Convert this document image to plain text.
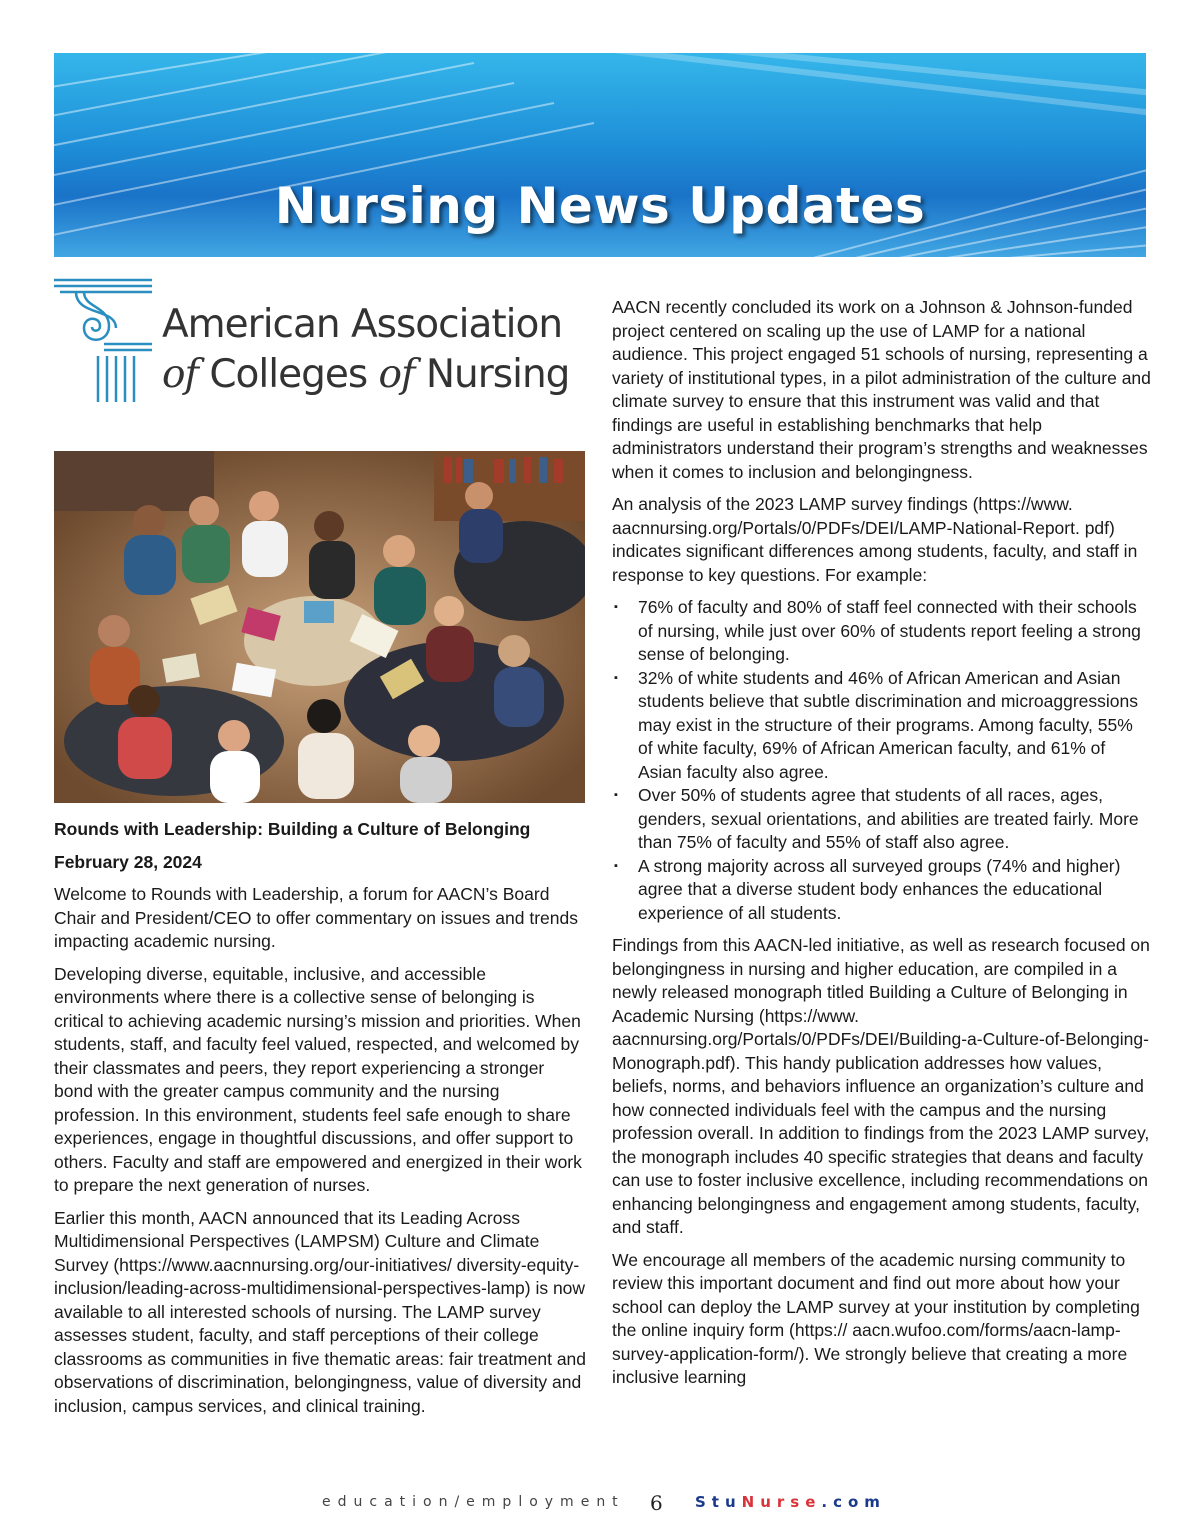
Nursing News Updates
American Association
of Colleges of Nursing

Rounds with Leadership: Building a Culture of Belonging

February 28, 2024

Welcome to Rounds with Leadership, a forum for AACN’s Board Chair and President/CEO to offer commentary on issues and trends impacting academic nursing.

Developing diverse, equitable, inclusive, and accessible environments where there is a collective sense of belonging is critical to achieving academic nursing’s mission and priorities. When students, staff, and faculty feel valued, respected, and welcomed by their classmates and peers, they report experiencing a stronger bond with the greater campus community and the nursing profession. In this environment, students feel safe enough to share experiences, engage in thoughtful discussions, and offer support to others. Faculty and staff are empowered and energized in their work to prepare the next generation of nurses.

Earlier this month, AACN announced that its Leading Across Multidimensional Perspectives (LAMPSM) Culture and Climate Survey (https://www.aacnnursing.org/our-initiatives/ diversity-equity-inclusion/leading-across-multidimensional-perspectives-lamp) is now available to all interested schools of nursing. The LAMP survey assesses student, faculty, and staff perceptions of their college classrooms as communities in five thematic areas: fair treatment and observations of discrimination, belongingness, value of diversity and inclusion, campus services, and clinical training.

AACN recently concluded its work on a Johnson & Johnson-funded project centered on scaling up the use of LAMP for a national audience. This project engaged 51 schools of nursing, representing a variety of institutional types, in a pilot administration of the culture and climate survey to ensure that this instrument was valid and that findings are useful in establishing benchmarks that help administrators understand their program’s strengths and weaknesses when it comes to inclusion and belongingness.

An analysis of the 2023 LAMP survey findings (https://www. aacnnursing.org/Portals/0/PDFs/DEI/LAMP-National-Report. pdf) indicates significant differences among students, faculty, and staff in response to key questions. For example:

▪ 76% of faculty and 80% of staff feel connected with their schools of nursing, while just over 60% of students report feeling a strong sense of belonging.
▪ 32% of white students and 46% of African American and Asian students believe that subtle discrimination and microaggressions may exist in the structure of their programs. Among faculty, 55% of white faculty, 69% of African American faculty, and 61% of Asian faculty also agree.
▪ Over 50% of students agree that students of all races, ages, genders, sexual orientations, and abilities are treated fairly. More than 75% of faculty and 55% of staff also agree.
▪ A strong majority across all surveyed groups (74% and higher) agree that a diverse student body enhances the educational experience of all students.

Findings from this AACN-led initiative, as well as research focused on belongingness in nursing and higher education, are compiled in a newly released monograph titled Building a Culture of Belonging in Academic Nursing (https://www. aacnnursing.org/Portals/0/PDFs/DEI/Building-a-Culture-of-Belonging-Monograph.pdf). This handy publication addresses how values, beliefs, norms, and behaviors influence an organization’s culture and how connected individuals feel with the campus and the nursing profession overall. In addition to findings from the 2023 LAMP survey, the monograph includes 40 specific strategies that deans and faculty can use to foster inclusive excellence, including recommendations on enhancing belongingness and engagement among students, faculty, and staff.

We encourage all members of the academic nursing community to review this important document and find out more about how your school can deploy the LAMP survey at your institution by completing the online inquiry form (https:// aacn.wufoo.com/forms/aacn-lamp-survey-application-form/). We strongly believe that creating a more inclusive learning

education/employment 6 StuNurse.com
